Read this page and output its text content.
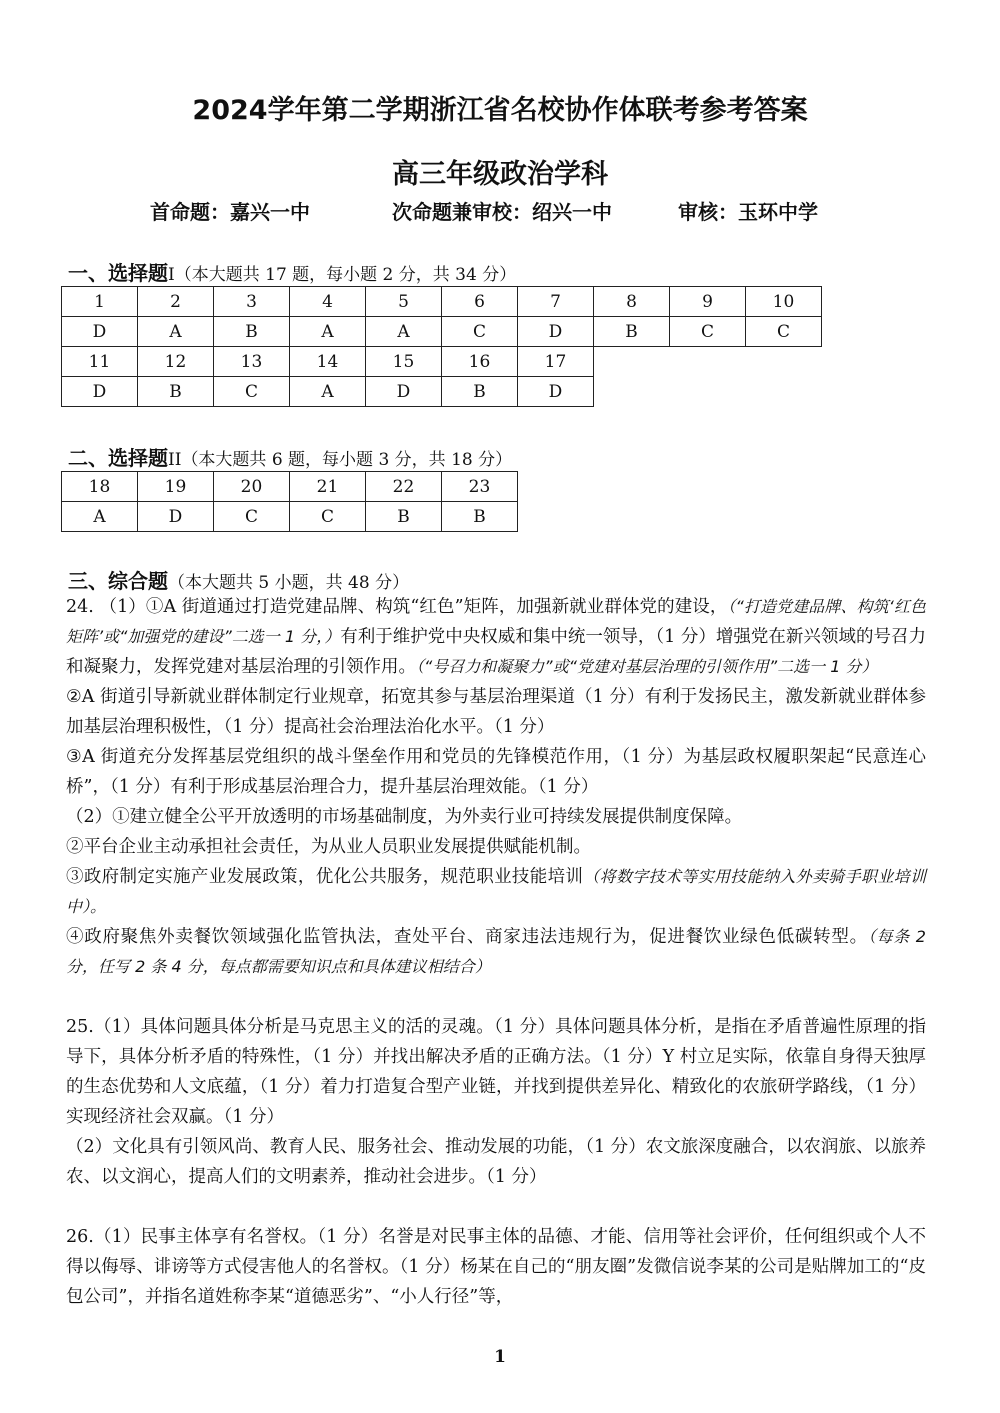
2024学年第二学期浙江省名校协作体联考参考答案
高三年级政治学科
首命题：嘉兴一中	次命题兼审校：绍兴一中	审核：玉环中学
一、选择题I（本大题共 17 题，每小题 2 分，共 34 分）
1	2	3	4	5	6	7	8	9	10
D	A	B	A	A	C	D	B	C	C
11	12	13	14	15	16	17			
D	B	C	A	D	B	D			
二、选择题II（本大题共 6 题，每小题 3 分，共 18 分）
18	19	20	21	22	23
A	D	C	C	B	B
三、综合题（本大题共 5 小题，共 48 分）

24. （1）①A 街道通过打造党建品牌、构筑“红色”矩阵，加强新就业群体党的建设，（“打造党建品牌、构筑‘红色矩阵’或“加强党的建设”二选一 1 分，）有利于维护党中央权威和集中统一领导，（1 分）增强党在新兴领域的号召力和凝聚力，发挥党建对基层治理的引领作用。（“号召力和凝聚力”或“党建对基层治理的引领作用”二选一 1 分）

②A 街道引导新就业群体制定行业规章，拓宽其参与基层治理渠道（1 分）有利于发扬民主，激发新就业群体参加基层治理积极性，（1 分）提高社会治理法治化水平。（1 分）

③A 街道充分发挥基层党组织的战斗堡垒作用和党员的先锋模范作用，（1 分）为基层政权履职架起“民意连心桥”，（1 分）有利于形成基层治理合力，提升基层治理效能。（1 分）

（2）①建立健全公平开放透明的市场基础制度，为外卖行业可持续发展提供制度保障。

②平台企业主动承担社会责任，为从业人员职业发展提供赋能机制。

③政府制定实施产业发展政策，优化公共服务，规范职业技能培训（将数字技术等实用技能纳入外卖骑手职业培训中）。

④政府聚焦外卖餐饮领域强化监管执法，查处平台、商家违法违规行为，促进餐饮业绿色低碳转型。（每条 2 分，任写 2 条 4 分，每点都需要知识点和具体建议相结合）

25.（1）具体问题具体分析是马克思主义的活的灵魂。（1 分）具体问题具体分析，是指在矛盾普遍性原理的指导下，具体分析矛盾的特殊性，（1 分）并找出解决矛盾的正确方法。（1 分）Y 村立足实际，依靠自身得天独厚的生态优势和人文底蕴，（1 分）着力打造复合型产业链，并找到提供差异化、精致化的农旅研学路线，（1 分）实现经济社会双赢。（1 分）

（2）文化具有引领风尚、教育人民、服务社会、推动发展的功能，（1 分）农文旅深度融合，以农润旅、以旅养农、以文润心，提高人们的文明素养，推动社会进步。（1 分）

26.（1）民事主体享有名誉权。（1 分）名誉是对民事主体的品德、才能、信用等社会评价，任何组织或个人不得以侮辱、诽谤等方式侵害他人的名誉权。（1 分）杨某在自己的“朋友圈”发微信说李某的公司是贴牌加工的“皮包公司”，并指名道姓称李某“道德恶劣”、“小人行径”等，

1
